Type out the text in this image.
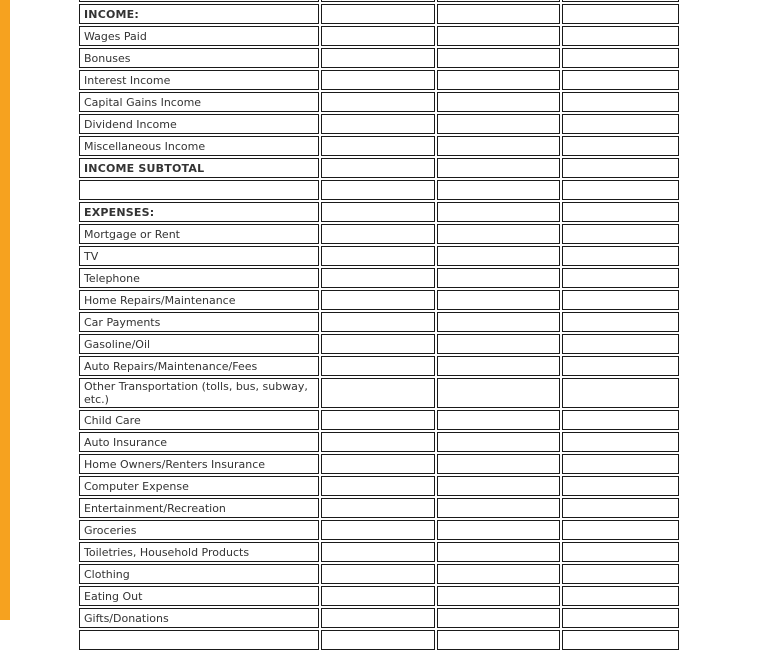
INCOME:			
Wages Paid			
Bonuses			
Interest Income			
Capital Gains Income			
Dividend Income			
Miscellaneous Income			
INCOME SUBTOTAL			

EXPENSES:			
Mortgage or Rent			
TV			
Telephone			
Home Repairs/Maintenance			
Car Payments			
Gasoline/Oil			
Auto Repairs/Maintenance/Fees			
Other Transportation (tolls, bus, subway, etc.)			
Child Care			
Auto Insurance			
Home Owners/Renters Insurance			
Computer Expense			
Entertainment/Recreation			
Groceries			
Toiletries, Household Products			
Clothing			
Eating Out			
Gifts/Donations			
